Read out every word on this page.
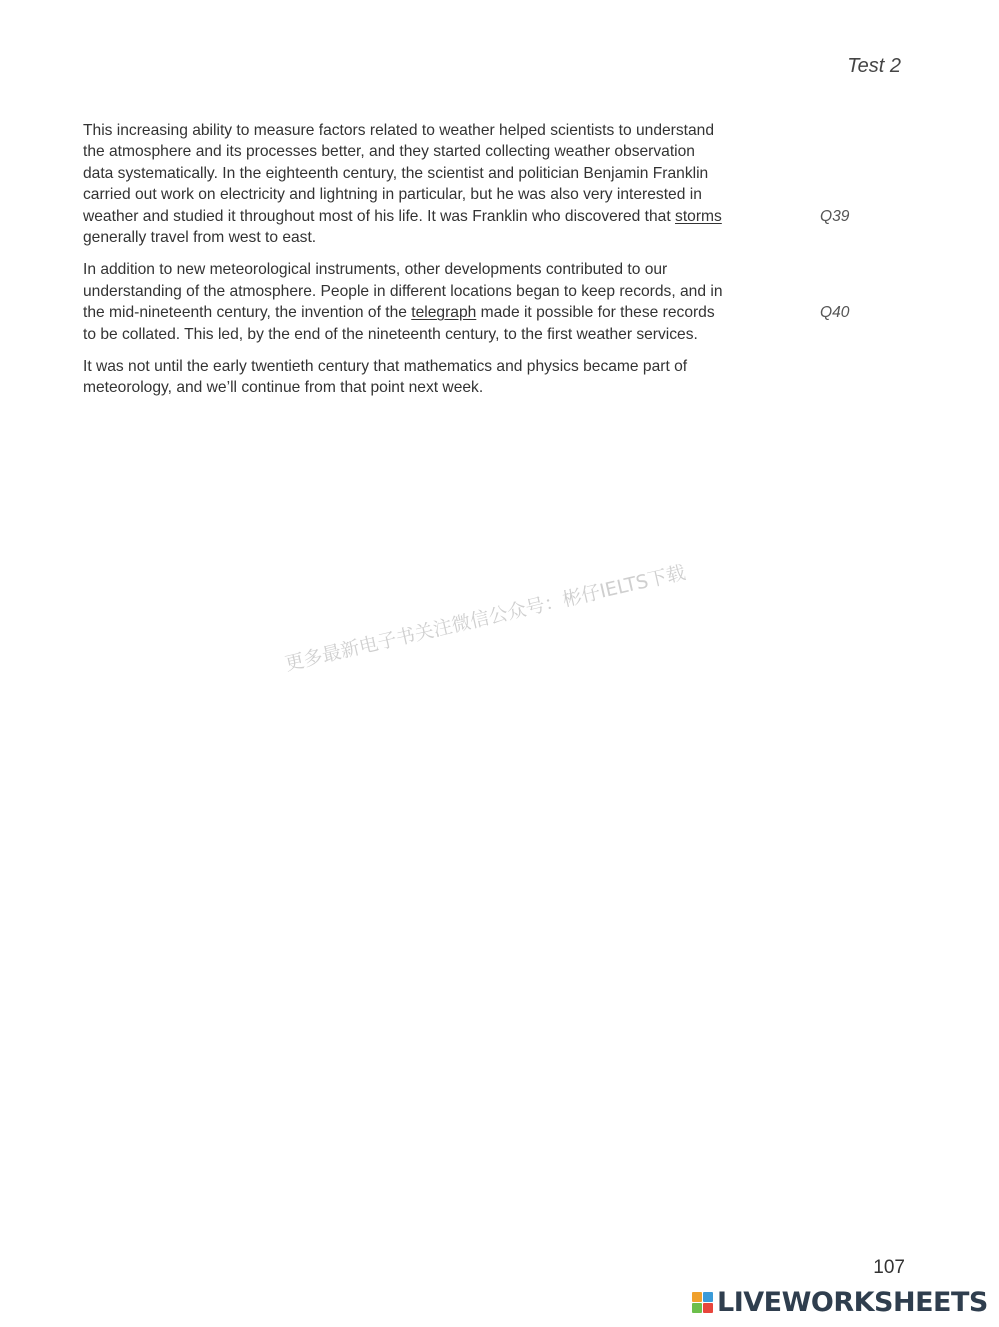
Test 2
This increasing ability to measure factors related to weather helped scientists to understand
the atmosphere and its processes better, and they started collecting weather observation
data systematically. In the eighteenth century, the scientist and politician Benjamin Franklin
carried out work on electricity and lightning in particular, but he was also very interested in
weather and studied it throughout most of his life. It was Franklin who discovered that storms	Q39
generally travel from west to east.
In addition to new meteorological instruments, other developments contributed to our
understanding of the atmosphere. People in different locations began to keep records, and in
the mid-nineteenth century, the invention of the telegraph made it possible for these records	Q40
to be collated. This led, by the end of the nineteenth century, to the first weather services.
It was not until the early twentieth century that mathematics and physics became part of
meteorology, and we’ll continue from that point next week.
更多最新电子书关注微信公众号：彬仔IELTS下载
107
LIVEWORKSHEETS
